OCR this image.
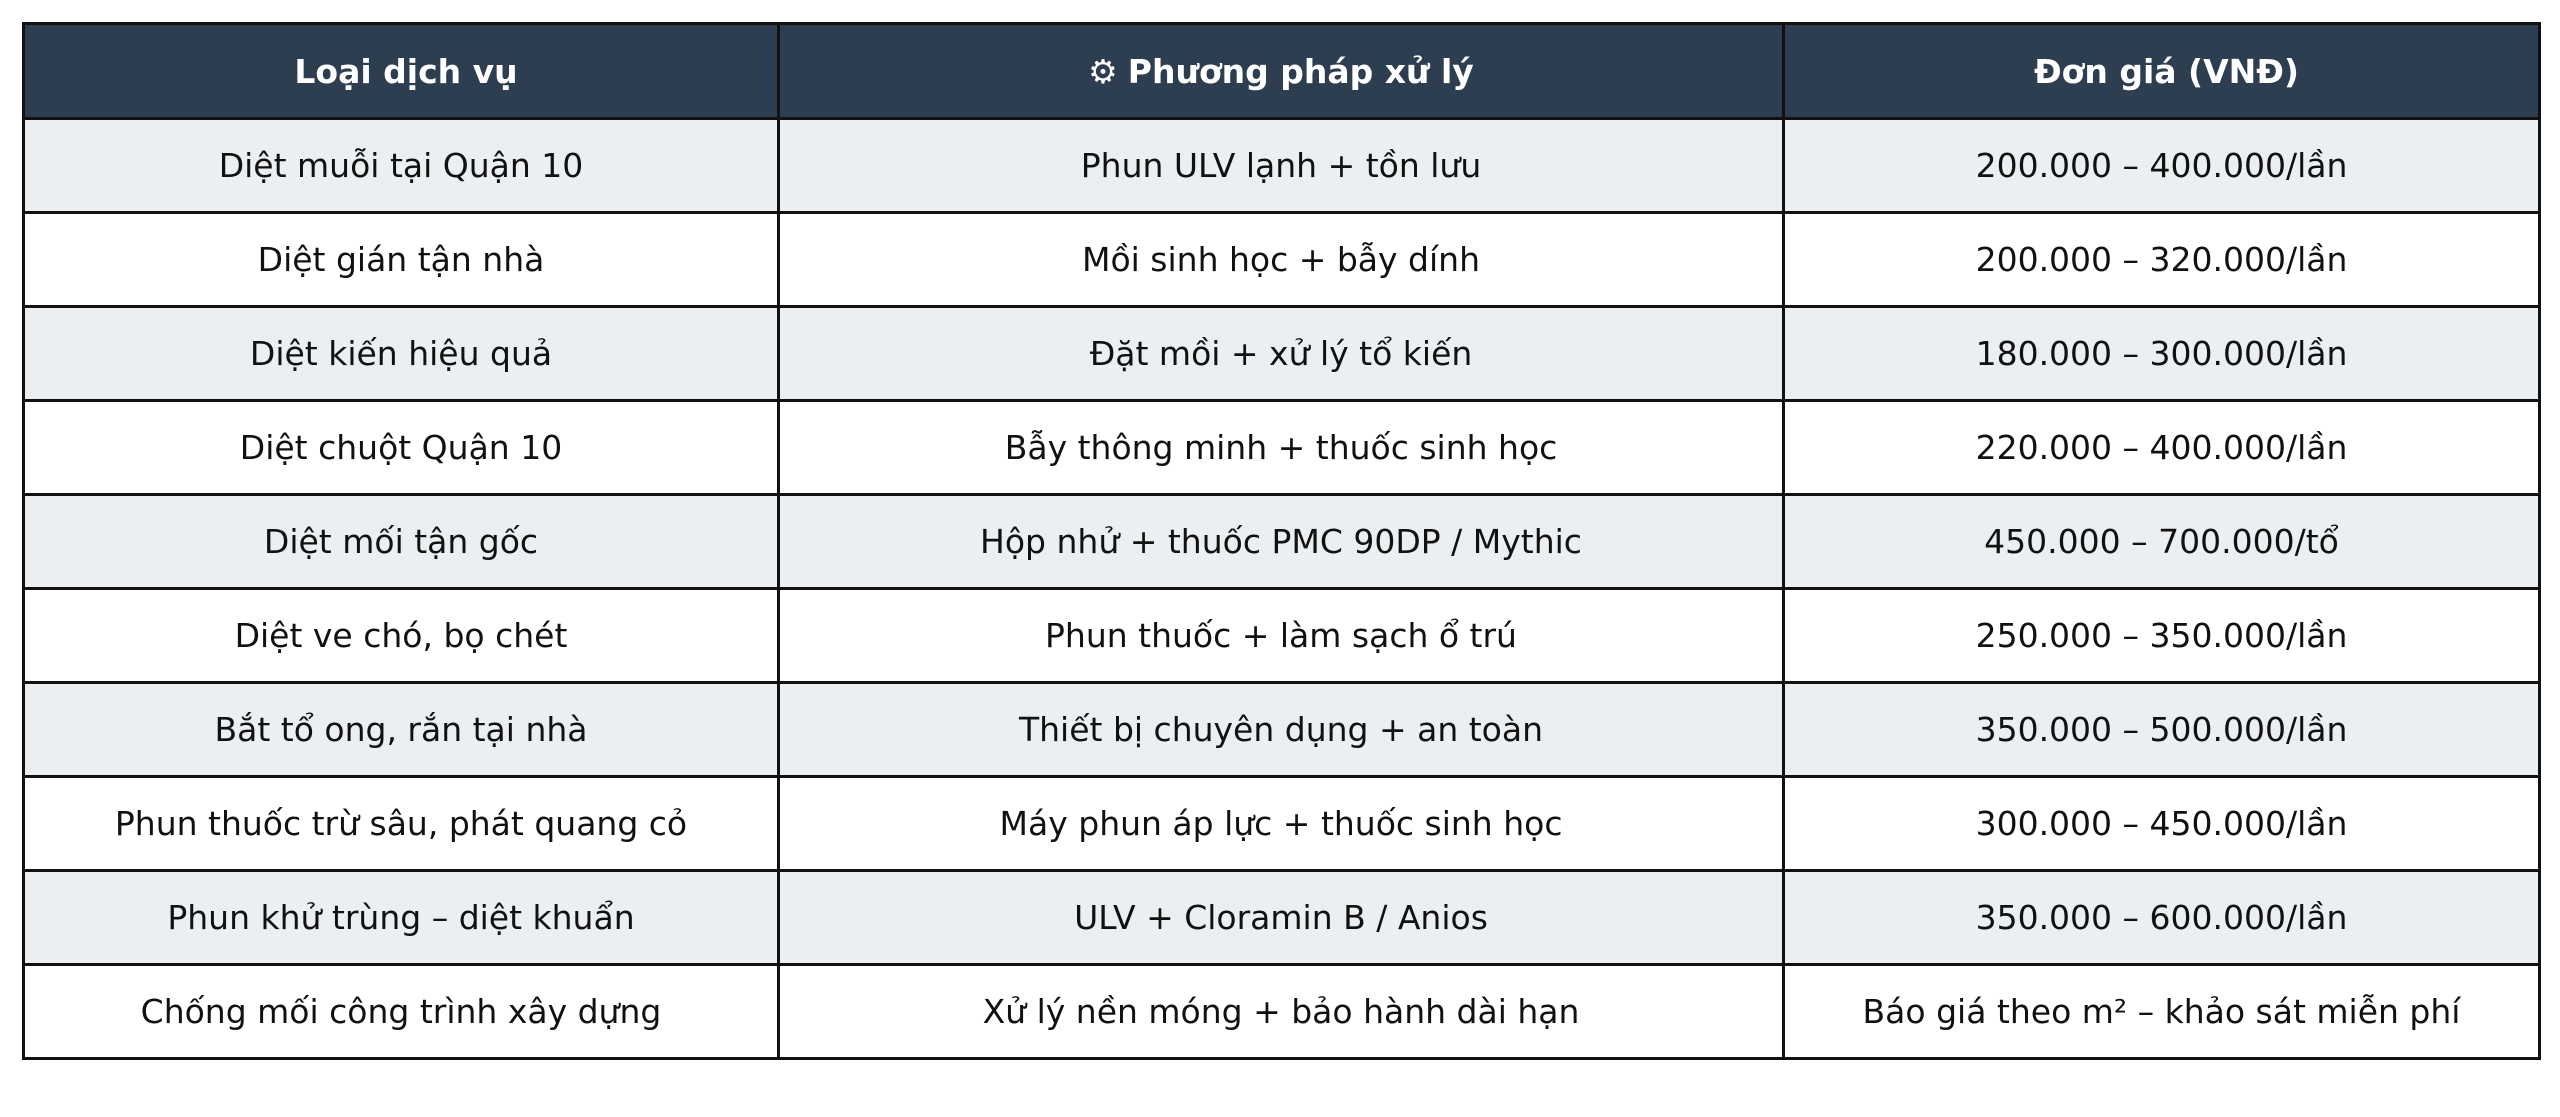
Loại dịch vụ	⚙ Phương pháp xử lý	Đơn giá (VNĐ)
Diệt muỗi tại Quận 10	Phun ULV lạnh + tồn lưu	200.000 – 400.000/lần
Diệt gián tận nhà	Mồi sinh học + bẫy dính	200.000 – 320.000/lần
Diệt kiến hiệu quả	Đặt mồi + xử lý tổ kiến	180.000 – 300.000/lần
Diệt chuột Quận 10	Bẫy thông minh + thuốc sinh học	220.000 – 400.000/lần
Diệt mối tận gốc	Hộp nhử + thuốc PMC 90DP / Mythic	450.000 – 700.000/tổ
Diệt ve chó, bọ chét	Phun thuốc + làm sạch ổ trú	250.000 – 350.000/lần
Bắt tổ ong, rắn tại nhà	Thiết bị chuyên dụng + an toàn	350.000 – 500.000/lần
Phun thuốc trừ sâu, phát quang cỏ	Máy phun áp lực + thuốc sinh học	300.000 – 450.000/lần
Phun khử trùng – diệt khuẩn	ULV + Cloramin B / Anios	350.000 – 600.000/lần
Chống mối công trình xây dựng	Xử lý nền móng + bảo hành dài hạn	Báo giá theo m² – khảo sát miễn phí
